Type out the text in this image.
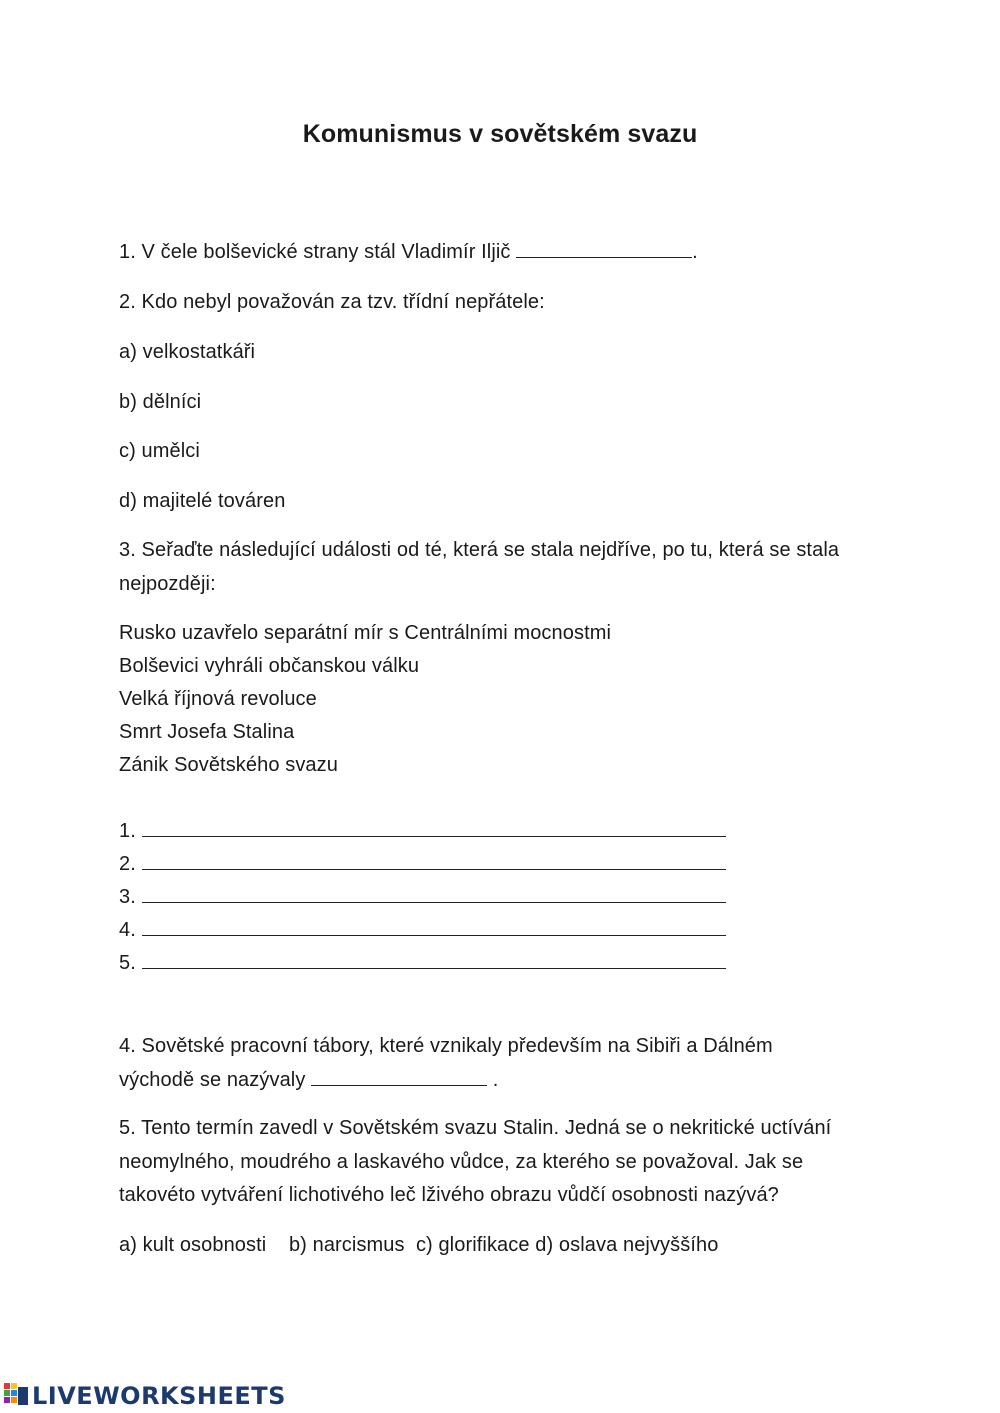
Komunismus v sovětském svazu
1. V čele bolševické strany stál Vladimír Iljič	.
2. Kdo nebyl považován za tzv. třídní nepřátele:
a) velkostatkáři
b) dělníci
c) umělci
d) majitelé továren
3. Seřaďte následující události od té, která se stala nejdříve, po tu, která se stala
nejpozději:
Rusko uzavřelo separátní mír s Centrálními mocnostmi
Bolševici vyhráli občanskou válku
Velká říjnová revoluce
Smrt Josefa Stalina
Zánik Sovětského svazu
1.
2.
3.
4.
5.
4. Sovětské pracovní tábory, které vznikaly především na Sibiři a Dálném
východě se nazývaly	.
5. Tento termín zavedl v Sovětském svazu Stalin. Jedná se o nekritické uctívání
neomylného, moudrého a laskavého vůdce, za kterého se považoval. Jak se
takovéto vytváření lichotivého leč lživého obrazu vůdčí osobnosti nazývá?
a) kult osobnosti    b) narcismus  c) glorifikace d) oslava nejvyššího
LIVEWORKSHEETS
